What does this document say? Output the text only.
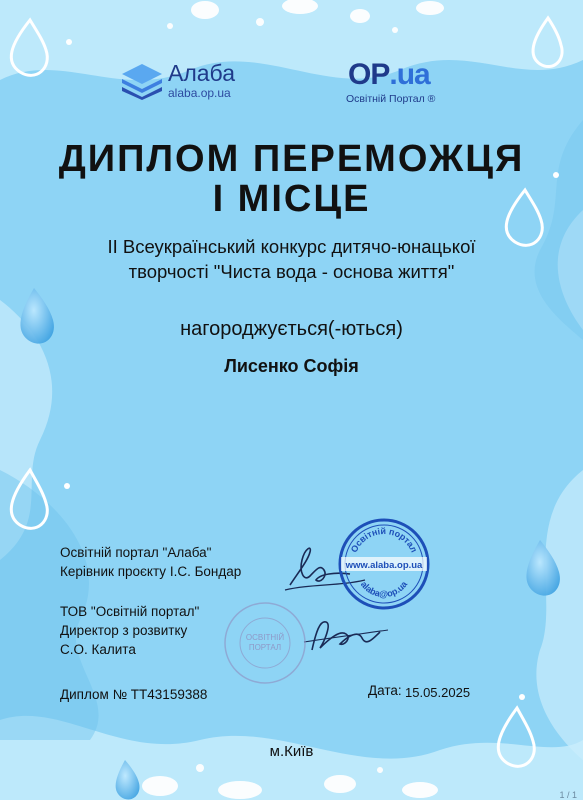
Алаба
alaba.op.ua
OP.ua
Освітній Портал ®
ДИПЛОМ ПЕРЕМОЖЦЯ
І МІСЦЕ
ІІ Всеукраїнський конкурс дитячо-юнацької
творчості "Чиста вода - основа життя"
нагороджується(-ються)
Лисенко Софія
Освітній портал "Алаба"
Керівник проєкту І.С. Бондар
ТОВ "Освітній портал"
Директор з розвитку
С.О. Калита
ОСВІТНІЙ
ПОРТАЛ
Освітній портал
alaba@op.ua
www.alaba.op.ua
Диплом № ТТ43159388	Дата: 15.05.2025
м.Київ
1 / 1
